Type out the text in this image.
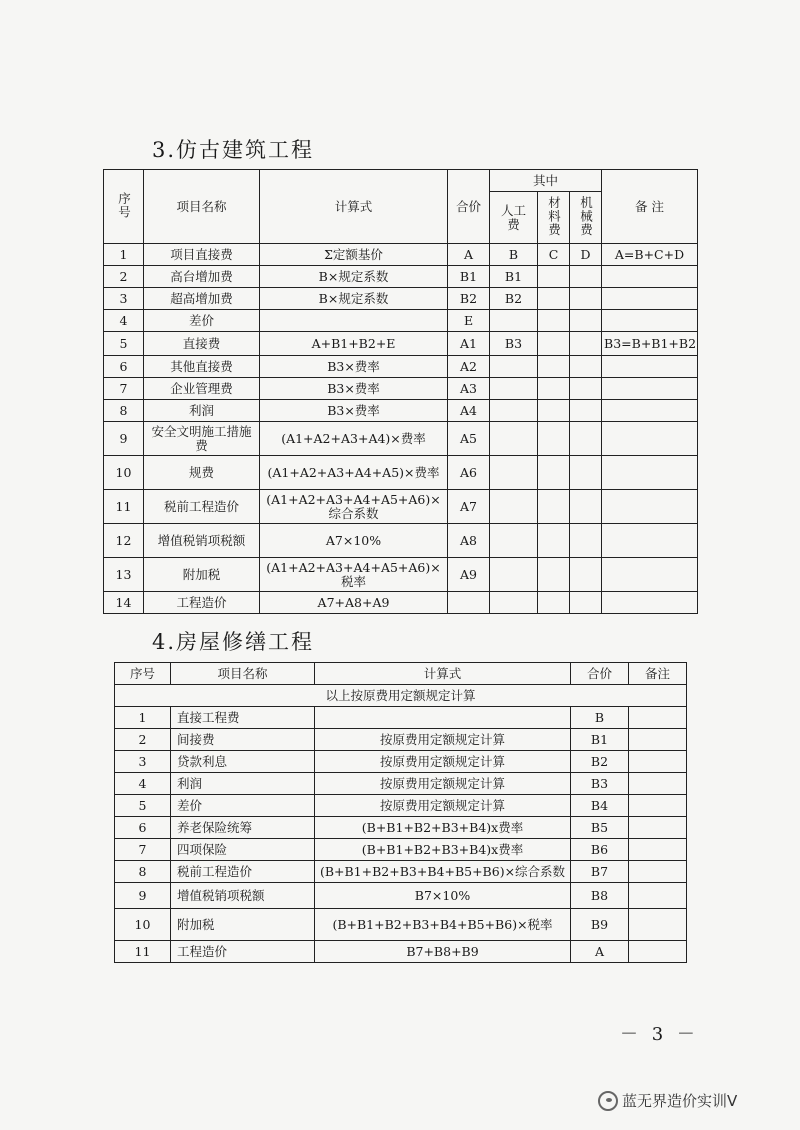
3.仿古建筑工程
序号	项目名称	计算式	合价	其中			备 注
				人工费	材料费	机械费	
1	项目直接费	Σ定额基价	A	B	C	D	A=B+C+D
2	高台增加费	B×规定系数	B1	B1			
3	超高增加费	B×规定系数	B2	B2			
4	差价		E				
5	直接费	A+B1+B2+E	A1	B3			B3=B+B1+B2
6	其他直接费	B3×费率	A2				
7	企业管理费	B3×费率	A3				
8	利润	B3×费率	A4				
9	安全文明施工措施费	(A1+A2+A3+A4)×费率	A5				
10	规费	(A1+A2+A3+A4+A5)×费率	A6				
11	税前工程造价	(A1+A2+A3+A4+A5+A6)×综合系数	A7				
12	增值税销项税额	A7×10%	A8				
13	附加税	(A1+A2+A3+A4+A5+A6)×税率	A9				
14	工程造价	A7+A8+A9					
4.房屋修缮工程
序号	项目名称	计算式	合价	备注
以上按原费用定额规定计算				
1	直接工程费		B	
2	间接费	按原费用定额规定计算	B1	
3	贷款利息	按原费用定额规定计算	B2	
4	利润	按原费用定额规定计算	B3	
5	差价	按原费用定额规定计算	B4	
6	养老保险统筹	(B+B1+B2+B3+B4)x费率	B5	
7	四项保险	(B+B1+B2+B3+B4)x费率	B6	
8	税前工程造价	(B+B1+B2+B3+B4+B5+B6)×综合系数	B7	
9	增值税销项税额	B7×10%	B8	
10	附加税	(B+B1+B2+B3+B4+B5+B6)×税率	B9	
11	工程造价	B7+B8+B9	A	
－ 3 －
蓝无界造价实训V
